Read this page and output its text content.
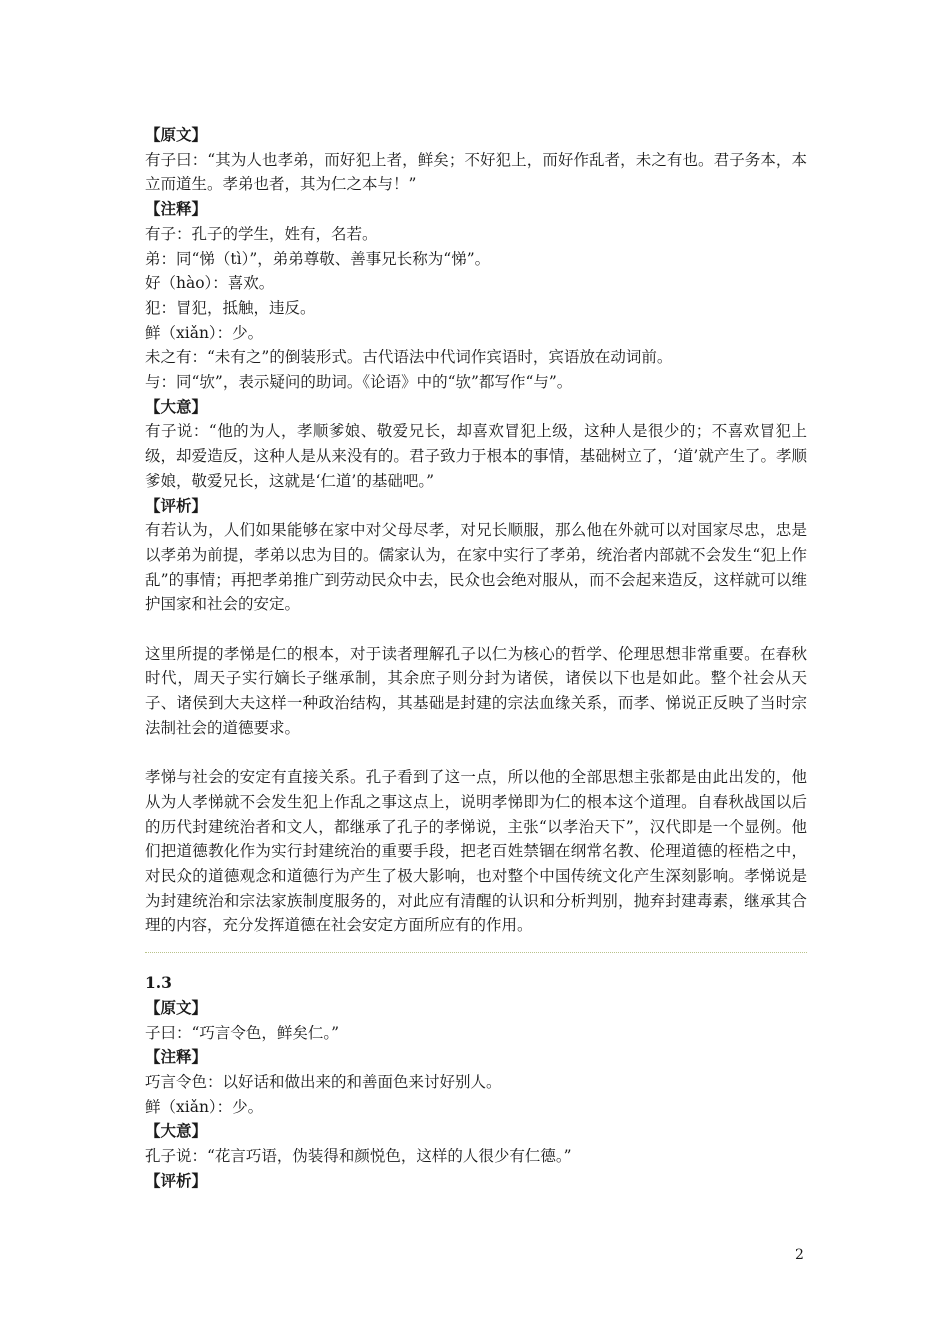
【原文】

有子曰：“其为人也孝弟，而好犯上者，鲜矣；不好犯上，而好作乱者，未之有也。君子务本，本立而道生。孝弟也者，其为仁之本与！”

【注释】

有子：孔子的学生，姓有，名若。

弟：同“悌（tì）”，弟弟尊敬、善事兄长称为“悌”。

好（hào）：喜欢。

犯：冒犯，抵触，违反。

鲜（xiǎn）：少。

未之有：“未有之”的倒装形式。古代语法中代词作宾语时，宾语放在动词前。

与：同“欤”，表示疑问的助词。《论语》中的“欤”都写作“与”。

【大意】

有子说：“他的为人，孝顺爹娘、敬爱兄长，却喜欢冒犯上级，这种人是很少的；不喜欢冒犯上级，却爱造反，这种人是从来没有的。君子致力于根本的事情，基础树立了，‘道’就产生了。孝顺爹娘，敬爱兄长，这就是‘仁道’的基础吧。”

【评析】

有若认为，人们如果能够在家中对父母尽孝，对兄长顺服，那么他在外就可以对国家尽忠，忠是以孝弟为前提，孝弟以忠为目的。儒家认为，在家中实行了孝弟，统治者内部就不会发生“犯上作乱”的事情；再把孝弟推广到劳动民众中去，民众也会绝对服从，而不会起来造反，这样就可以维护国家和社会的安定。

这里所提的孝悌是仁的根本，对于读者理解孔子以仁为核心的哲学、伦理思想非常重要。在春秋时代，周天子实行嫡长子继承制，其余庶子则分封为诸侯，诸侯以下也是如此。整个社会从天子、诸侯到大夫这样一种政治结构，其基础是封建的宗法血缘关系，而孝、悌说正反映了当时宗法制社会的道德要求。

孝悌与社会的安定有直接关系。孔子看到了这一点，所以他的全部思想主张都是由此出发的，他从为人孝悌就不会发生犯上作乱之事这点上，说明孝悌即为仁的根本这个道理。自春秋战国以后的历代封建统治者和文人，都继承了孔子的孝悌说，主张“以孝治天下”，汉代即是一个显例。他们把道德教化作为实行封建统治的重要手段，把老百姓禁锢在纲常名教、伦理道德的桎梏之中，对民众的道德观念和道德行为产生了极大影响，也对整个中国传统文化产生深刻影响。孝悌说是为封建统治和宗法家族制度服务的，对此应有清醒的认识和分析判别，抛弃封建毒素，继承其合理的内容，充分发挥道德在社会安定方面所应有的作用。

1.3

【原文】

子曰：“巧言令色，鲜矣仁。”

【注释】

巧言令色：以好话和做出来的和善面色来讨好别人。

鲜（xiǎn）：少。

【大意】

孔子说：“花言巧语，伪装得和颜悦色，这样的人很少有仁德。”

【评析】

2
